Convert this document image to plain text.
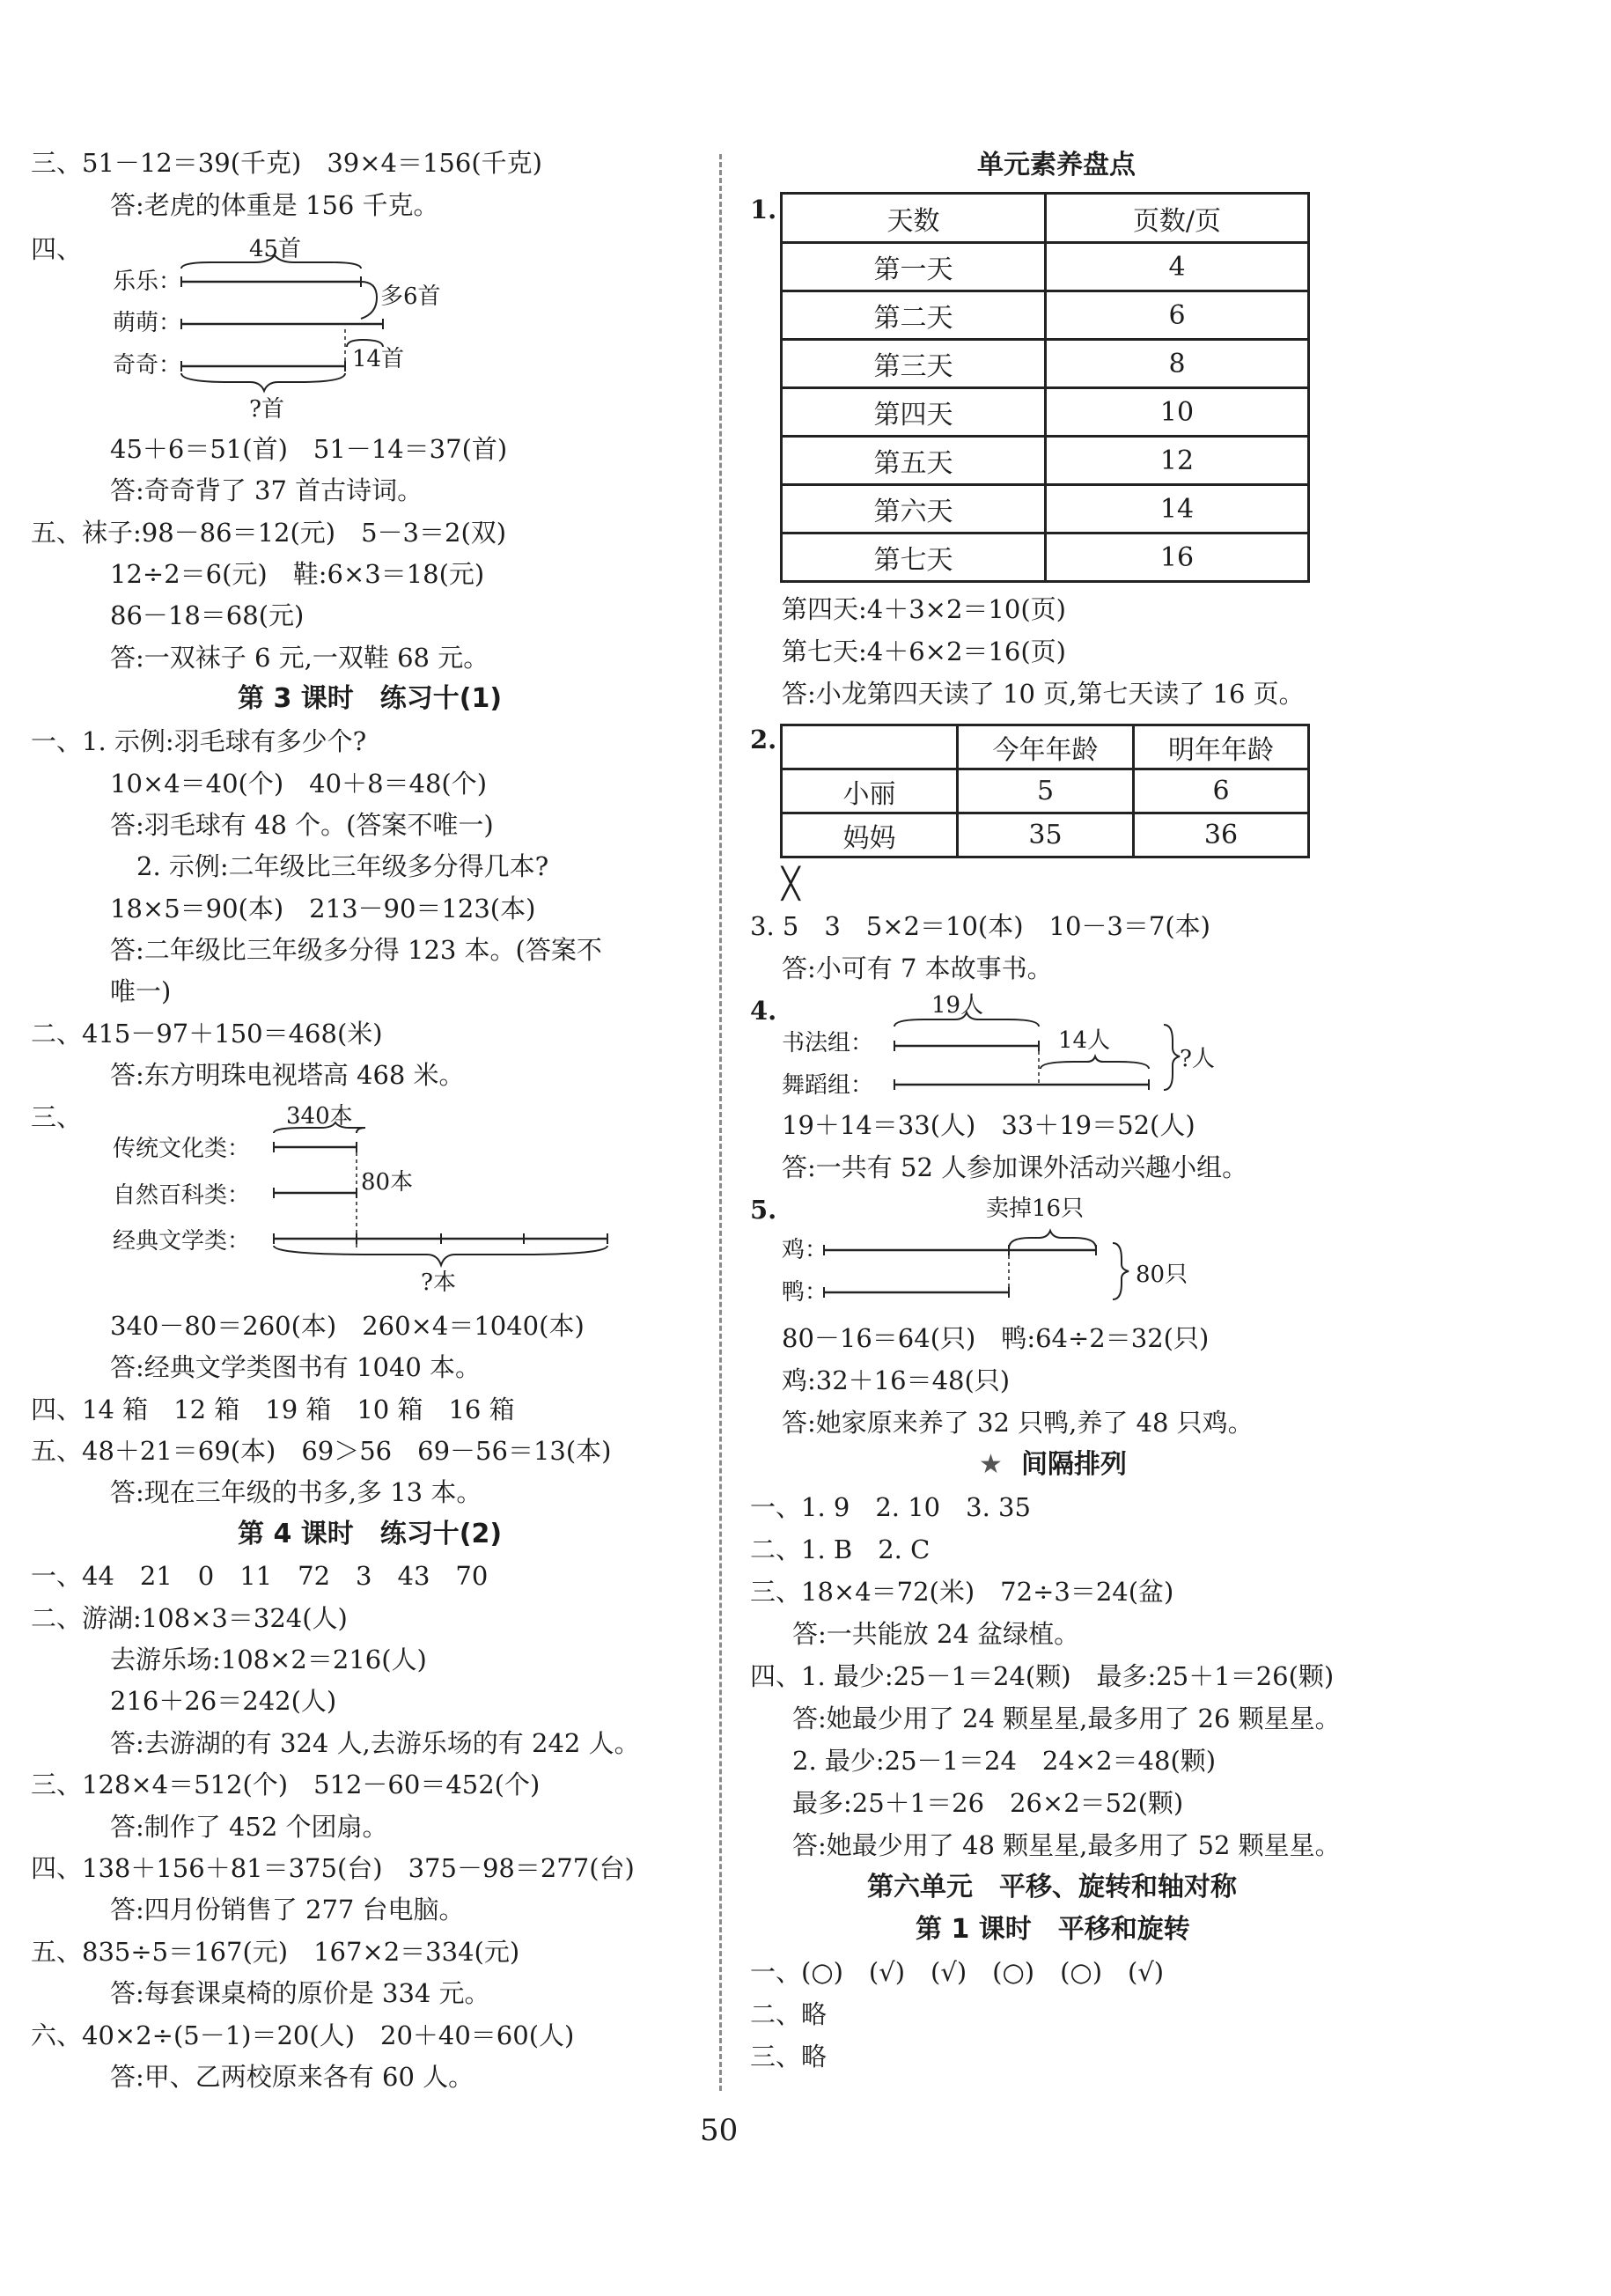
三、51－12＝39(千克)　39×4＝156(千克)
答:老虎的体重是 156 千克。
四、	45首
乐乐：
萌萌：
奇奇：
多6首
14首
?首
45＋6＝51(首)　51－14＝37(首)
答:奇奇背了 37 首古诗词。
五、袜子:98－86＝12(元)　5－3＝2(双)
12÷2＝6(元)　鞋:6×3＝18(元)
86－18＝68(元)
答:一双袜子 6 元,一双鞋 68 元。
第 3 课时　练习十(1)
一、1. 示例:羽毛球有多少个?
10×4＝40(个)　40＋8＝48(个)
答:羽毛球有 48 个。(答案不唯一)
2. 示例:二年级比三年级多分得几本?
18×5＝90(本)　213－90＝123(本)
答:二年级比三年级多分得 123 本。(答案不
唯一)
二、415－97＋150＝468(米)
答:东方明珠电视塔高 468 米。
三、	340本
传统文化类：
自然百科类：
经典文学类：
80本
?本
340－80＝260(本)　260×4＝1040(本)
答:经典文学类图书有 1040 本。
四、14 箱　12 箱　19 箱　10 箱　16 箱
五、48＋21＝69(本)　69＞56　69－56＝13(本)
答:现在三年级的书多,多 13 本。
第 4 课时　练习十(2)
一、44　21　0　11　72　3　43　70
二、游湖:108×3＝324(人)
去游乐场:108×2＝216(人)
216＋26＝242(人)
答:去游湖的有 324 人,去游乐场的有 242 人。
三、128×4＝512(个)　512－60＝452(个)
答:制作了 452 个团扇。
四、138＋156＋81＝375(台)　375－98＝277(台)
答:四月份销售了 277 台电脑。
五、835÷5＝167(元)　167×2＝334(元)
答:每套课桌椅的原价是 334 元。
六、40×2÷(5－1)＝20(人)　20＋40＝60(人)
答:甲、乙两校原来各有 60 人。
单元素养盘点
1.	天数	页数/页
第一天	4
第二天	6
第三天	8
第四天	10
第五天	12
第六天	14
第七天	16
第四天:4＋3×2＝10(页)
第七天:4＋6×2＝16(页)
答:小龙第四天读了 10 页,第七天读了 16 页。
2.
		今年年龄	明年年龄
小丽	5	6
妈妈	35	36
╳
3. 5　3　5×2＝10(本)　10－3＝7(本)
答:小可有 7 本故事书。
4.	19人
书法组：
舞蹈组：
14人
?人
19＋14＝33(人)　33＋19＝52(人)
答:一共有 52 人参加课外活动兴趣小组。
5.	卖掉16只
鸡：
鸭：
80只
80－16＝64(只)　鸭:64÷2＝32(只)
鸡:32＋16＝48(只)
答:她家原来养了 32 只鸭,养了 48 只鸡。
★ 间隔排列
一、1. 9　2. 10　3. 35
二、1. B　2. C
三、18×4＝72(米)　72÷3＝24(盆)
答:一共能放 24 盆绿植。
四、1. 最少:25－1＝24(颗)　最多:25＋1＝26(颗)
答:她最少用了 24 颗星星,最多用了 26 颗星星。
2. 最少:25－1＝24　24×2＝48(颗)
最多:25＋1＝26　26×2＝52(颗)
答:她最少用了 48 颗星星,最多用了 52 颗星星。
第六单元　平移、旋转和轴对称
第 1 课时　平移和旋转
一、(○)　(√)　(√)　(○)　(○)　(√)
二、略
三、略
50
